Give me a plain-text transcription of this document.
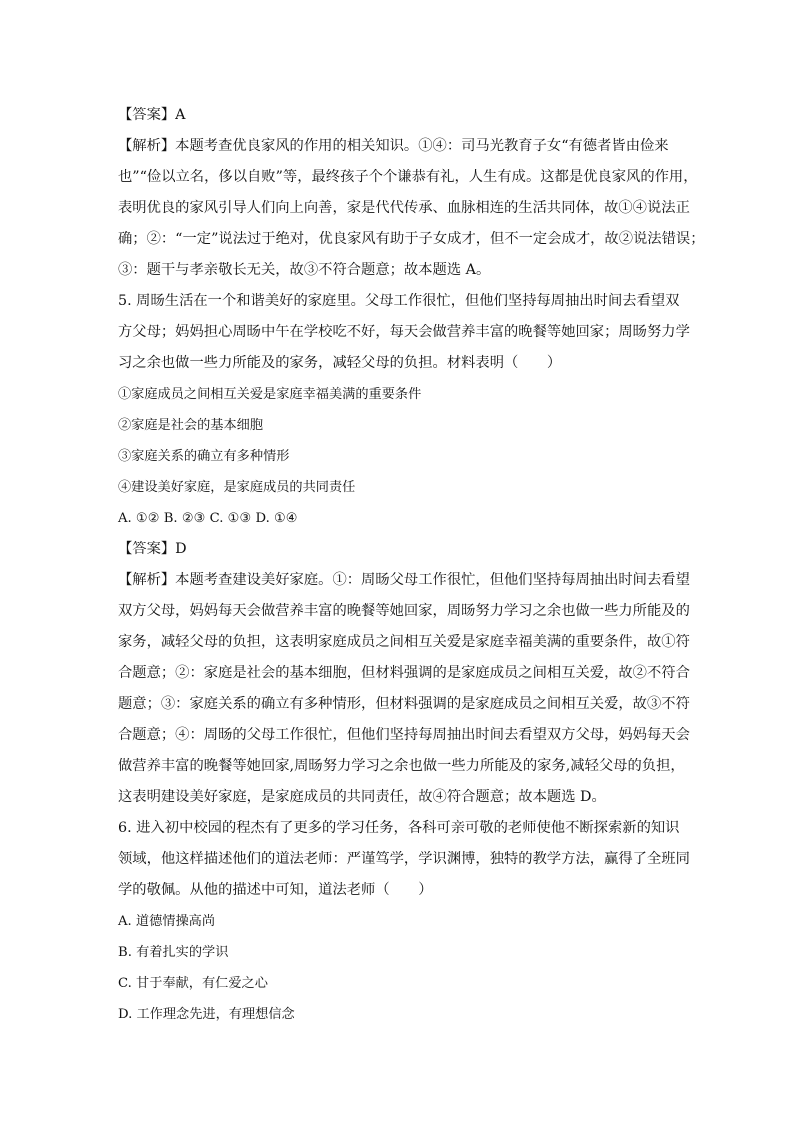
【答案】A
【解析】本题考查优良家风的作用的相关知识。①④：司马光教育子女“有德者皆由俭来
也”“俭以立名，侈以自败”等，最终孩子个个谦恭有礼，人生有成。这都是优良家风的作用，
表明优良的家风引导人们向上向善，家是代代传承、血脉相连的生活共同体，故①④说法正
确；②：“一定”说法过于绝对，优良家风有助于子女成才，但不一定会成才，故②说法错误；
③：题干与孝亲敬长无关，故③不符合题意；故本题选 A。
5. 周旸生活在一个和谐美好的家庭里。父母工作很忙，但他们坚持每周抽出时间去看望双
方父母；妈妈担心周旸中午在学校吃不好，每天会做营养丰富的晚餐等她回家；周旸努力学
习之余也做一些力所能及的家务，减轻父母的负担。材料表明（　　）
①家庭成员之间相互关爱是家庭幸福美满的重要条件
②家庭是社会的基本细胞
③家庭关系的确立有多种情形
④建设美好家庭，是家庭成员的共同责任
A. ①② B. ②③ C. ①③ D. ①④
【答案】D
【解析】本题考查建设美好家庭。①：周旸父母工作很忙，但他们坚持每周抽出时间去看望
双方父母，妈妈每天会做营养丰富的晚餐等她回家，周旸努力学习之余也做一些力所能及的
家务，减轻父母的负担，这表明家庭成员之间相互关爱是家庭幸福美满的重要条件，故①符
合题意；②：家庭是社会的基本细胞，但材料强调的是家庭成员之间相互关爱，故②不符合
题意；③：家庭关系的确立有多种情形，但材料强调的是家庭成员之间相互关爱，故③不符
合题意；④：周旸的父母工作很忙，但他们坚持每周抽出时间去看望双方父母，妈妈每天会
做营养丰富的晚餐等她回家,周旸努力学习之余也做一些力所能及的家务,减轻父母的负担，
这表明建设美好家庭，是家庭成员的共同责任，故④符合题意；故本题选 D。
6. 进入初中校园的程杰有了更多的学习任务，各科可亲可敬的老师使他不断探索新的知识
领域，他这样描述他们的道法老师：严谨笃学，学识渊博，独特的教学方法，赢得了全班同
学的敬佩。从他的描述中可知，道法老师（　　）
A. 道德情操高尚
B. 有着扎实的学识
C. 甘于奉献，有仁爱之心
D. 工作理念先进，有理想信念
